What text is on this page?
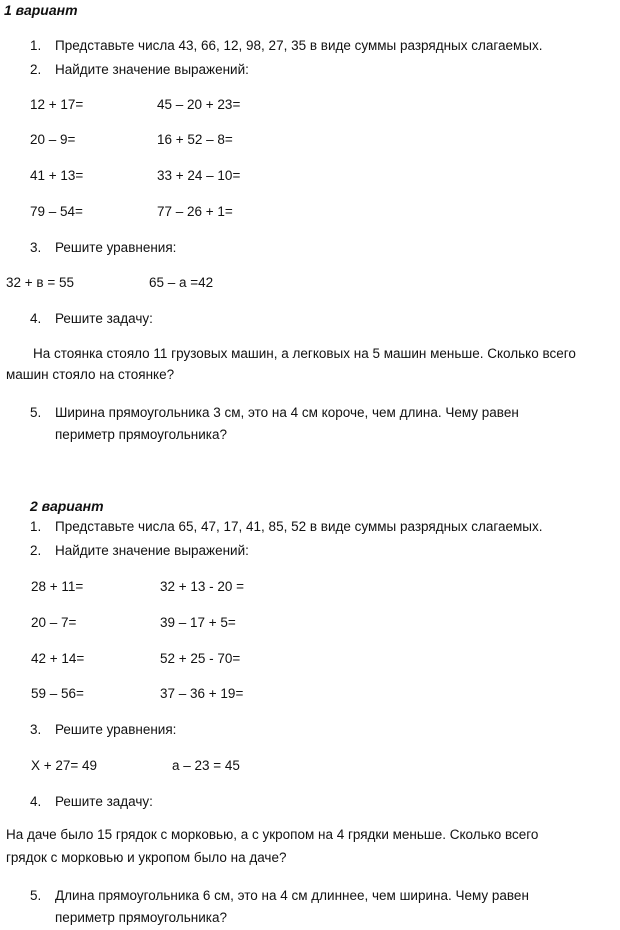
1 вариант
1.	Представьте числа 43, 66, 12, 98, 27, 35 в виде суммы разрядных слагаемых.
2.	Найдите значение выражений:
12 + 17=	45 – 20 + 23=
20 – 9=	16 + 52 – 8=
41 + 13=	33 + 24 – 10=
79 – 54=	77 – 26 + 1=
3.	Решите уравнения:
32 + в = 55	65 – а =42
4.	Решите задачу:
На стоянка стояло 11 грузовых машин, а легковых на 5 машин меньше. Сколько всего
машин стояло на стоянке?
5.	Ширина прямоугольника 3 см, это на 4 см короче, чем длина. Чему равен
периметр прямоугольника?
2 вариант
1.	Представьте числа 65, 47, 17, 41, 85, 52 в виде суммы разрядных слагаемых.
2.	Найдите значение выражений:
28 + 11=	32 + 13 - 20 =
20 – 7=	39 – 17 + 5=
42 + 14=	52 + 25 - 70=
59 – 56=	37 – 36 + 19=
3.	Решите уравнения:
Х + 27= 49	а – 23 = 45
4.	Решите задачу:
На даче было 15 грядок с морковью, а с укропом на 4 грядки меньше. Сколько всего
грядок с морковью и укропом было на даче?
5.	Длина прямоугольника 6 см, это на 4 см длиннее, чем ширина. Чему равен
периметр прямоугольника?
